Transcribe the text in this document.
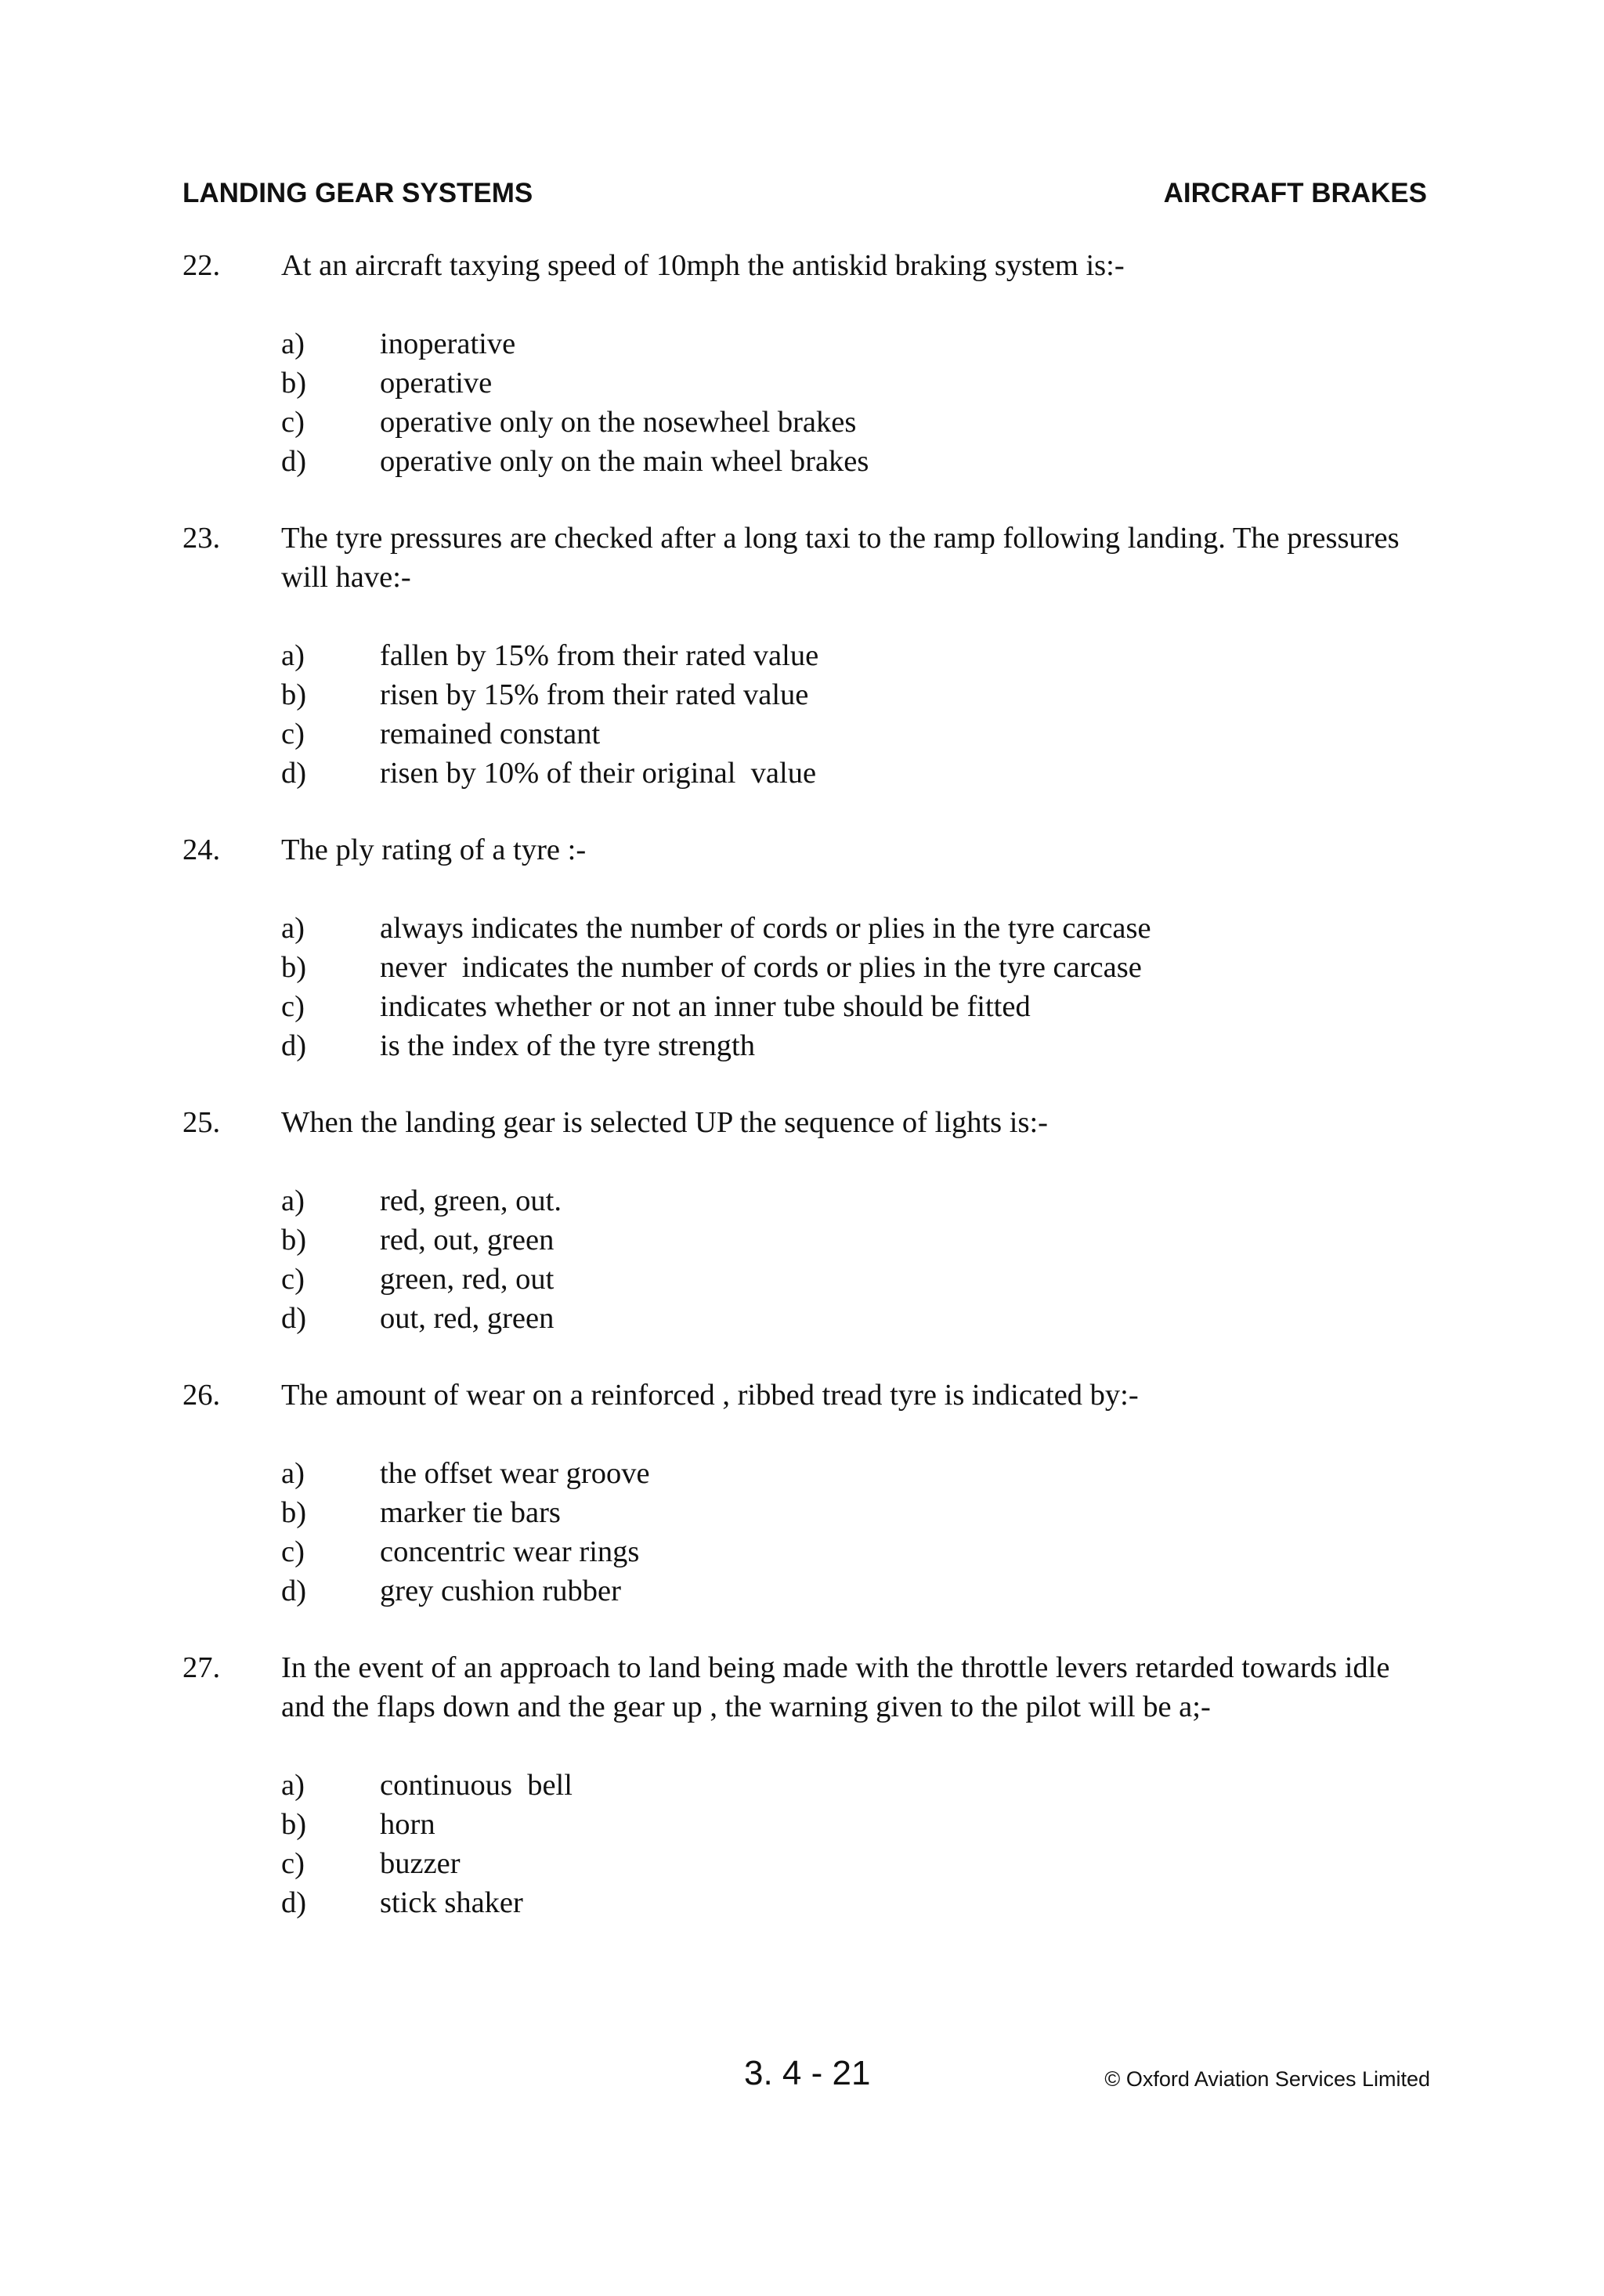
LANDING GEAR SYSTEMS	AIRCRAFT BRAKES
22.	At an aircraft taxying speed of 10mph the antiskid braking system is:-
a)	inoperative
b)	operative
c)	operative only on the nosewheel brakes
d)	operative only on the main wheel brakes
23.	The tyre pressures are checked after a long taxi to the ramp following landing. The pressures will have:-
a)	fallen by 15% from their rated value
b)	risen by 15% from their rated value
c)	remained constant
d)	risen by 10% of their original  value
24.	The ply rating of a tyre :-
a)	always indicates the number of cords or plies in the tyre carcase
b)	never  indicates the number of cords or plies in the tyre carcase
c)	indicates whether or not an inner tube should be fitted
d)	is the index of the tyre strength
25.	When the landing gear is selected UP the sequence of lights is:-
a)	red, green, out.
b)	red, out, green
c)	green, red, out
d)	out, red, green
26.	The amount of wear on a reinforced , ribbed tread tyre is indicated by:-
a)	the offset wear groove
b)	marker tie bars
c)	concentric wear rings
d)	grey cushion rubber
27.	In the event of an approach to land being made with the throttle levers retarded towards idle and the flaps down and the gear up , the warning given to the pilot will be a;-
a)	continuous  bell
b)	horn
c)	buzzer
d)	stick shaker
3. 4 - 21	© Oxford Aviation Services Limited
